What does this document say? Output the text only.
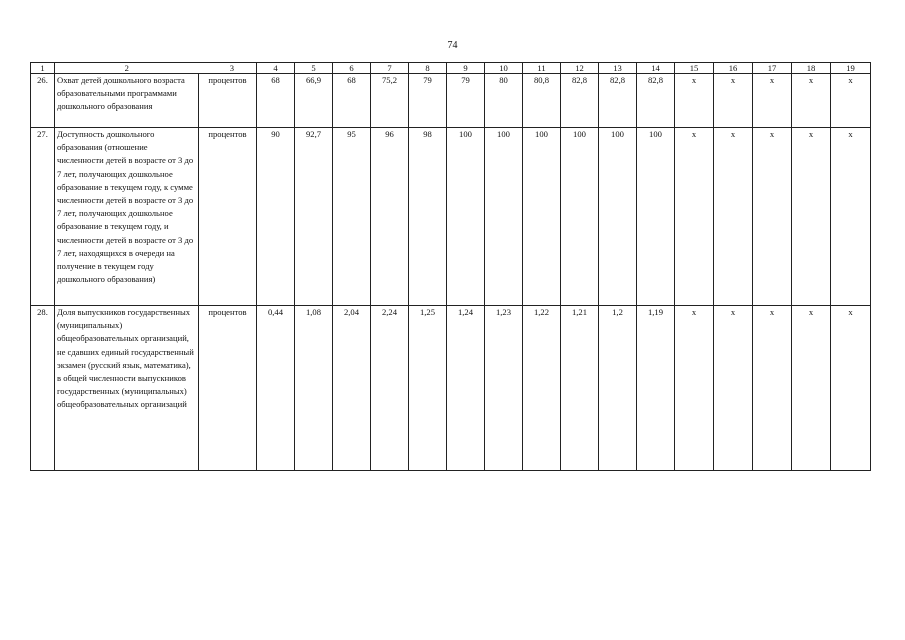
74
1	2	3	4	5	6	7	8	9	10	11	12	13	14	15	16	17	18	19
26.	Охват детей дошкольного возраста образовательными программами дошкольного образования	процентов	68	66,9	68	75,2	79	79	80	80,8	82,8	82,8	82,8	x	x	x	x	x
27.	Доступность дошкольного образования (отношение численности детей в возрасте от 3 до 7 лет, получающих дошкольное образование в текущем году, к сумме численности детей в возрасте от 3 до 7 лет, получающих дошкольное образование в текущем году, и численности детей в возрасте от 3 до 7 лет, находящихся в очереди на получение в текущем году дошкольного образования)	процентов	90	92,7	95	96	98	100	100	100	100	100	100	x	x	x	x	x
28.	Доля выпускников государственных (муниципальных) общеобразовательных организаций, не сдавших единый государственный экзамен (русский язык, математика), в общей численности выпускников государственных (муниципальных) общеобразовательных организаций	процентов	0,44	1,08	2,04	2,24	1,25	1,24	1,23	1,22	1,21	1,2	1,19	x	x	x	x	x
